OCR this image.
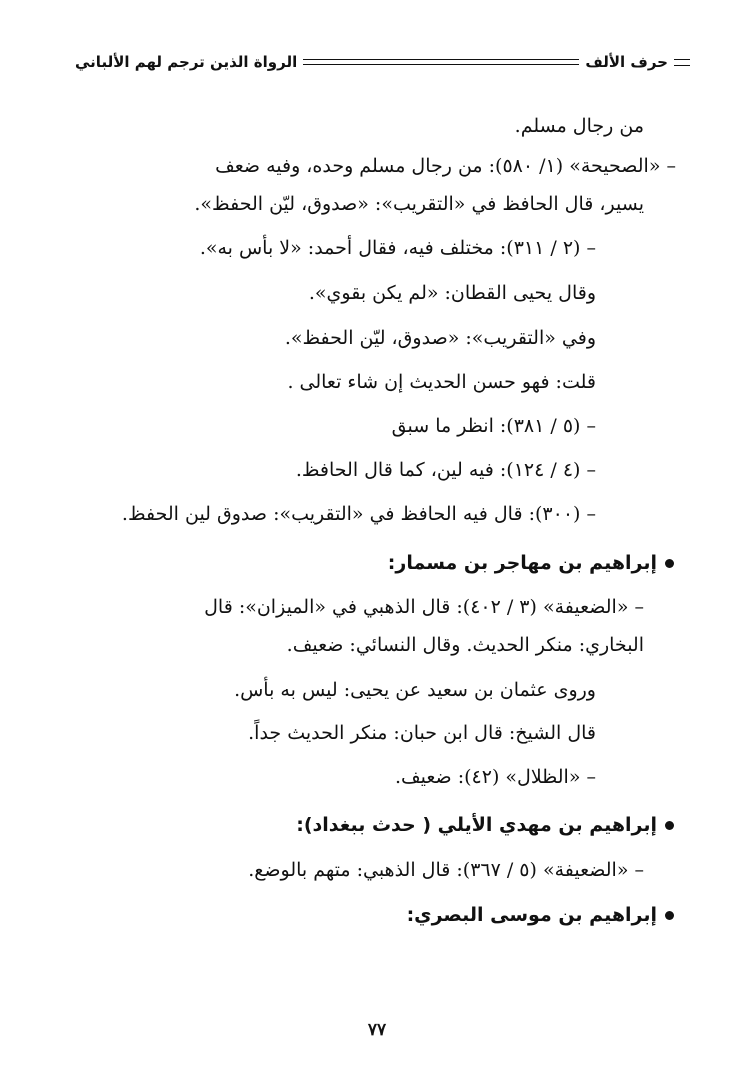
حرف الألف
الرواة الذين ترجم لهم الألباني
من رجال مسلم.
– «الصحيحة» (١/ ٥٨٠): من رجال مسلم وحده، وفيه ضعف
يسير، قال الحافظ في «التقريب»: «صدوق، ليّن الحفظ».
– (٢ / ٣١١): مختلف فيه، فقال أحمد: «لا بأس به».
وقال يحيى القطان: «لم يكن بقوي».
وفي «التقريب»: «صدوق، ليّن الحفظ».
قلت: فهو حسن الحديث إن شاء تعالى .
– (٥ / ٣٨١): انظر ما سبق
– (٤ / ١٢٤): فيه لين، كما قال الحافظ.
– (٣٠٠): قال فيه الحافظ في «التقريب»: صدوق لين الحفظ.
إبراهيم بن مهاجر بن مسمار:
– «الضعيفة» (٣ / ٤٠٢): قال الذهبي في «الميزان»: قال
البخاري: منكر الحديث. وقال النسائي: ضعيف.
وروى عثمان بن سعيد عن يحيى: ليس به بأس.
قال الشيخ: قال ابن حبان: منكر الحديث جداً.
– «الظلال» (٤٢): ضعيف.
إبراهيم بن مهدي الأيلي ( حدث ببغداد):
– «الضعيفة» (٥ / ٣٦٧): قال الذهبي: متهم بالوضع.
إبراهيم بن موسى البصري:
٧٧
